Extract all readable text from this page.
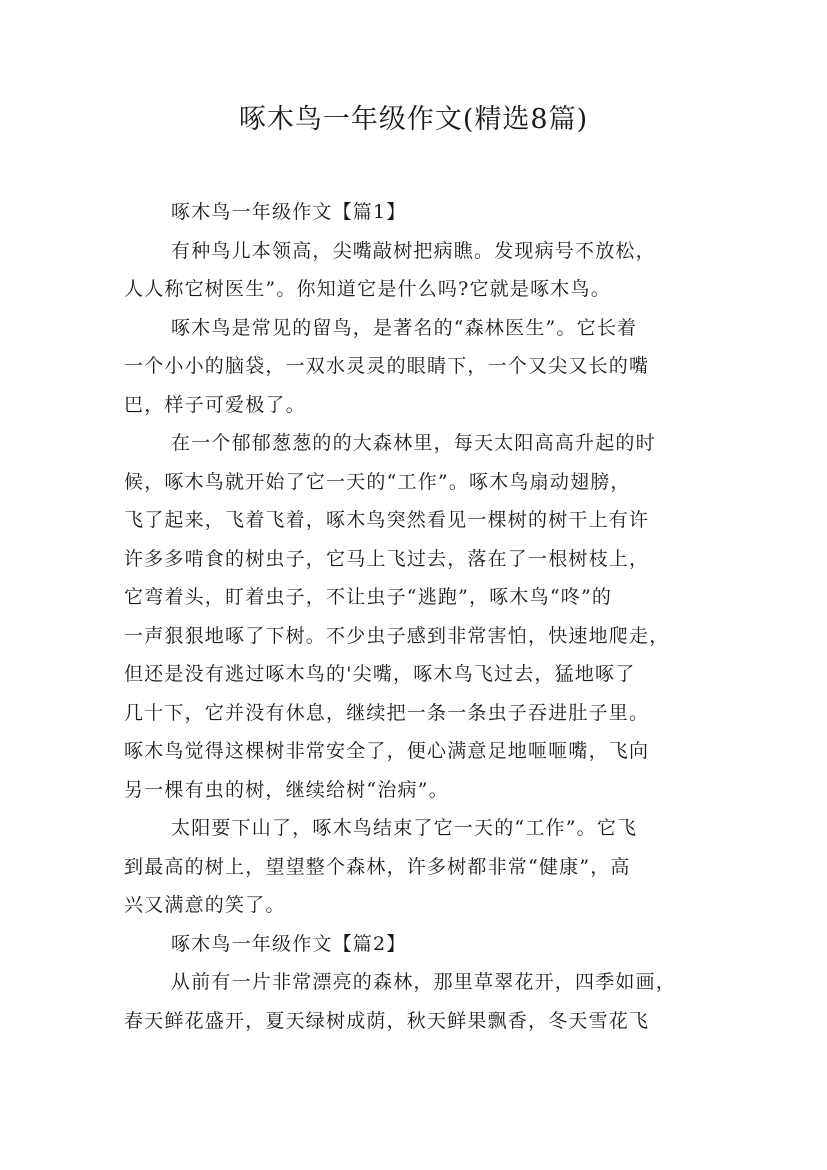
啄木鸟一年级作文(精选8篇)
啄木鸟一年级作文【篇1】
有种鸟儿本领高，尖嘴敲树把病瞧。发现病号不放松，
人人称它树医生”。你知道它是什么吗?它就是啄木鸟。
啄木鸟是常见的留鸟，是著名的“森林医生”。它长着
一个小小的脑袋，一双水灵灵的眼睛下，一个又尖又长的嘴
巴，样子可爱极了。
在一个郁郁葱葱的的大森林里，每天太阳高高升起的时
候，啄木鸟就开始了它一天的“工作”。啄木鸟扇动翅膀，
飞了起来，飞着飞着，啄木鸟突然看见一棵树的树干上有许
许多多啃食的树虫子，它马上飞过去，落在了一根树枝上，
它弯着头，盯着虫子，不让虫子“逃跑”，啄木鸟“咚”的
一声狠狠地啄了下树。不少虫子感到非常害怕，快速地爬走，
但还是没有逃过啄木鸟的'尖嘴，啄木鸟飞过去，猛地啄了
几十下，它并没有休息，继续把一条一条虫子吞进肚子里。
啄木鸟觉得这棵树非常安全了，便心满意足地咂咂嘴，飞向
另一棵有虫的树，继续给树“治病”。
太阳要下山了，啄木鸟结束了它一天的“工作”。它飞
到最高的树上，望望整个森林，许多树都非常“健康”，高
兴又满意的笑了。
啄木鸟一年级作文【篇2】
从前有一片非常漂亮的森林，那里草翠花开，四季如画，
春天鲜花盛开，夏天绿树成荫，秋天鲜果飘香，冬天雪花飞
